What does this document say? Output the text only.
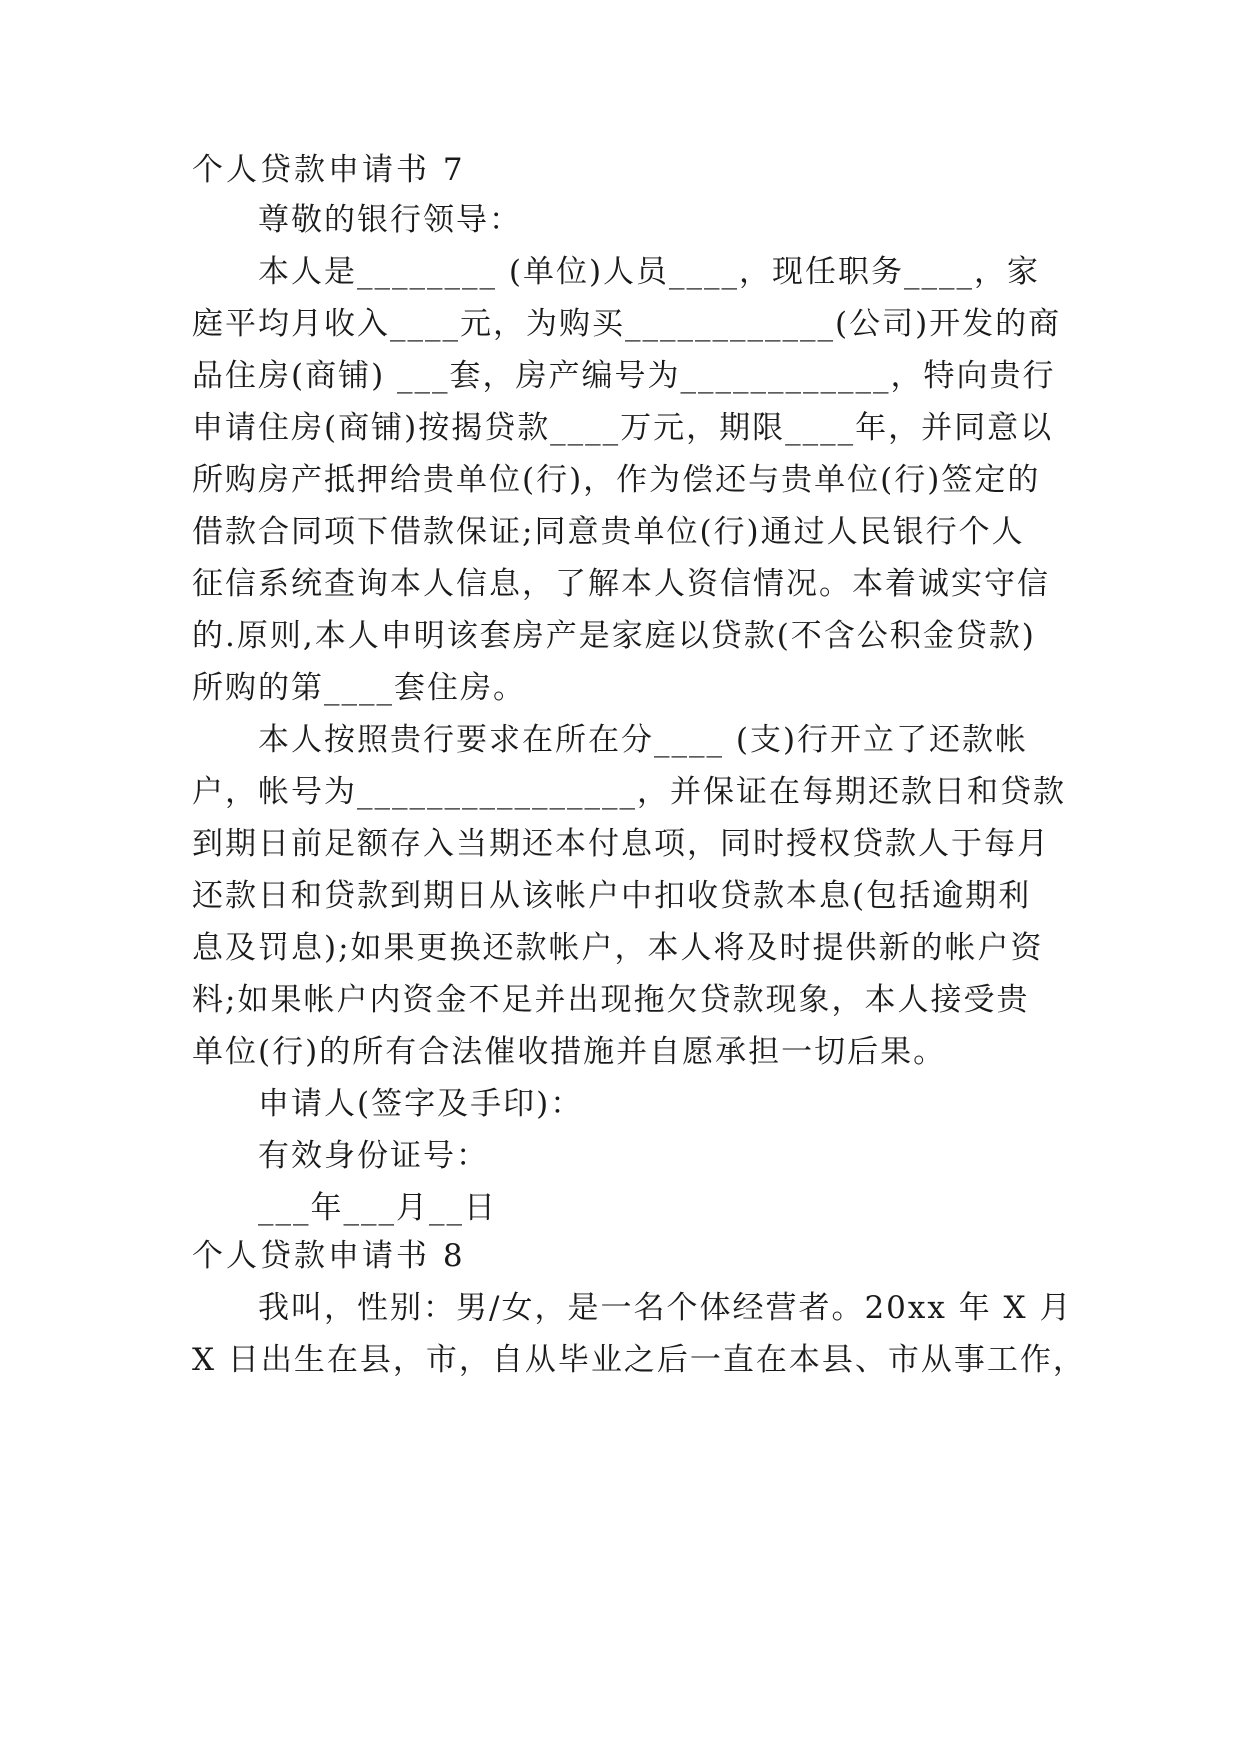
个人贷款申请书 7
尊敬的银行领导：
本人是________ (单位)人员____，现任职务____，家
庭平均月收入____元，为购买____________(公司)开发的商
品住房(商铺) ___套，房产编号为____________，特向贵行
申请住房(商铺)按揭贷款____万元，期限____年，并同意以
所购房产抵押给贵单位(行)，作为偿还与贵单位(行)签定的
借款合同项下借款保证;同意贵单位(行)通过人民银行个人
征信系统查询本人信息，了解本人资信情况。本着诚实守信
的.原则,本人申明该套房产是家庭以贷款(不含公积金贷款)
所购的第____套住房。
本人按照贵行要求在所在分____ (支)行开立了还款帐
户，帐号为________________，并保证在每期还款日和贷款
到期日前足额存入当期还本付息项，同时授权贷款人于每月
还款日和贷款到期日从该帐户中扣收贷款本息(包括逾期利
息及罚息);如果更换还款帐户，本人将及时提供新的帐户资
料;如果帐户内资金不足并出现拖欠贷款现象，本人接受贵
单位(行)的所有合法催收措施并自愿承担一切后果。
申请人(签字及手印)：
有效身份证号：
___年___月__日
个人贷款申请书 8
我叫，性别：男/女，是一名个体经营者。20xx 年 X 月
X 日出生在县，市，自从毕业之后一直在本县、市从事工作，
